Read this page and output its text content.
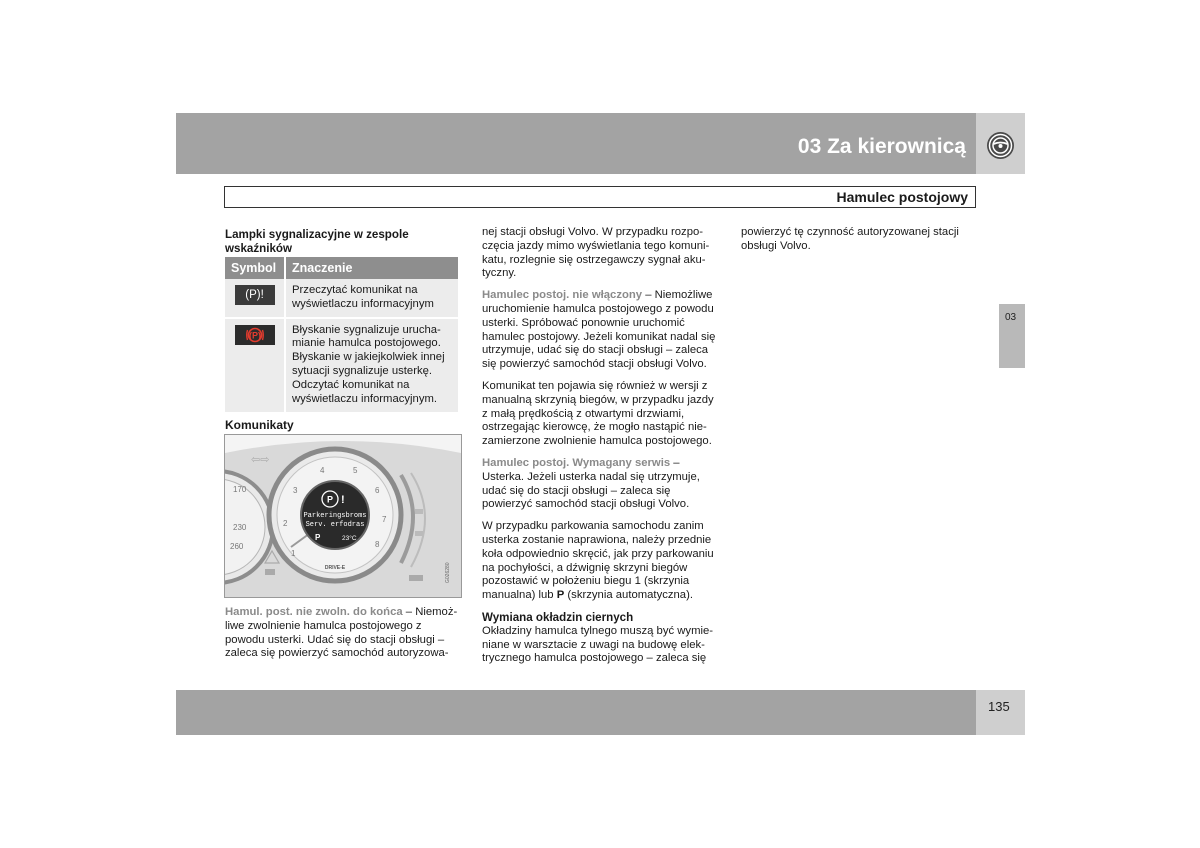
03 Za kierownicą
Hamulec postojowy
03
Lampki sygnalizacyjne w zespole wskaźników
Symbol	Znaczenie
(P)!	Przeczytać komunikat na wyświetlaczu informacyjnym

(P)	Błyskanie sygnalizuje urucha-mianie hamulca postojowego. Błyskanie w jakiejkolwiek innej sytuacji sygnalizuje usterkę. Odczytać komunikat na wyświetlaczu informacyjnym.
Komunikaty
170
230
260
⇦⇨
1
2
3
4	5
6
7
8
P !
Parkeringsbroms
Serv. erfodras
P	23°C
DRIVE-E	G026280
Hamul. post. nie zwoln. do końca – Niemoż-liwe zwolnienie hamulca postojowego z powodu usterki. Udać się do stacji obsługi – zaleca się powierzyć samochód autoryzowa-

nej stacji obsługi Volvo. W przypadku rozpo-częcia jazdy mimo wyświetlania tego komuni-katu, rozlegnie się ostrzegawczy sygnał aku-tyczny.

Hamulec postoj. nie włączony – Niemożliwe uruchomienie hamulca postojowego z powodu usterki. Spróbować ponownie uruchomić hamulec postojowy. Jeżeli komunikat nadal się utrzymuje, udać się do stacji obsługi – zaleca się powierzyć samochód stacji obsługi Volvo.

Komunikat ten pojawia się również w wersji z manualną skrzynią biegów, w przypadku jazdy z małą prędkością z otwartymi drzwiami, ostrzegając kierowcę, że mogło nastąpić nie-zamierzone zwolnienie hamulca postojowego.

Hamulec postoj. Wymagany serwis – Usterka. Jeżeli usterka nadal się utrzymuje, udać się do stacji obsługi – zaleca się powierzyć samochód stacji obsługi Volvo.

W przypadku parkowania samochodu zanim usterka zostanie naprawiona, należy przednie koła odpowiednio skręcić, jak przy parkowaniu na pochyłości, a dźwignię skrzyni biegów pozostawić w położeniu biegu 1 (skrzynia manualna) lub P (skrzynia automatyczna).

Wymiana okładzin ciernych
Okładziny hamulca tylnego muszą być wymie-niane w warsztacie z uwagi na budowę elek-trycznego hamulca postojowego – zaleca się

powierzyć tę czynność autoryzowanej stacji obsługi Volvo.

135
